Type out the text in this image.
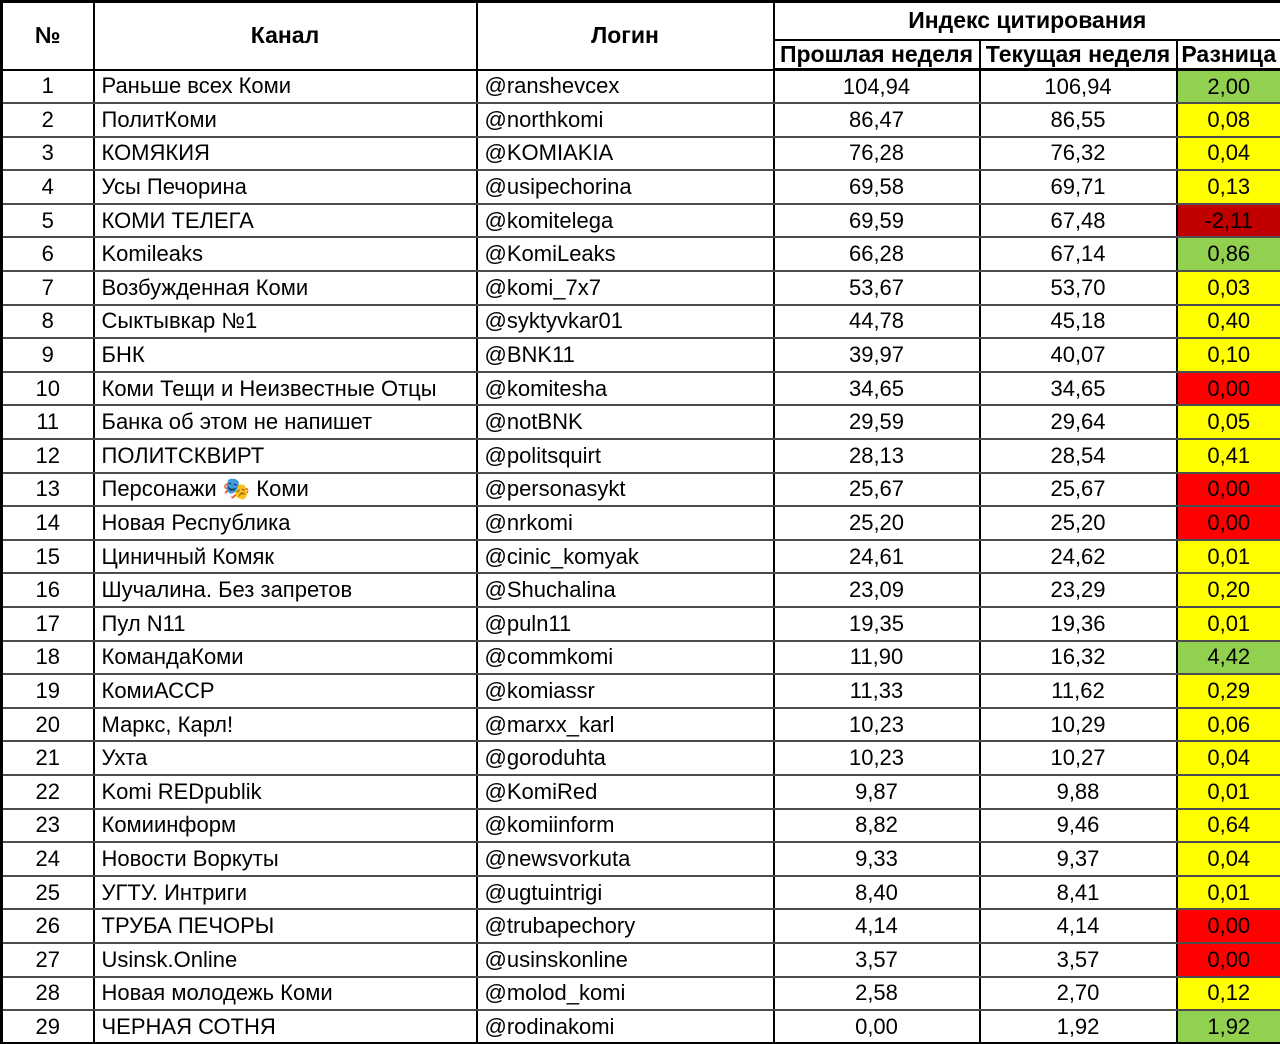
№	Канал	Логин	Индекс цитирования		
			Прошлая неделя	Текущая неделя	Разница
1	Раньше всех Коми	@ranshevcex	104,94	106,94	2,00
2	ПолитКоми	@northkomi	86,47	86,55	0,08
3	КОМЯКИЯ	@KOMIAKIA	76,28	76,32	0,04
4	Усы Печорина	@usipechorina	69,58	69,71	0,13
5	КОМИ ТЕЛЕГА	@komitelega	69,59	67,48	-2,11
6	Komileaks	@KomiLeaks	66,28	67,14	0,86
7	Возбужденная Коми	@komi_7x7	53,67	53,70	0,03
8	Сыктывкар №1	@syktyvkar01	44,78	45,18	0,40
9	БНК	@BNK11	39,97	40,07	0,10
10	Коми Тещи и Неизвестные Отцы	@komitesha	34,65	34,65	0,00
11	Банка об этом не напишет	@notBNK	29,59	29,64	0,05
12	ПОЛИТСКВИРТ	@politsquirt	28,13	28,54	0,41
13	Персонажи 🎭 Коми	@personasykt	25,67	25,67	0,00
14	Новая Республика	@nrkomi	25,20	25,20	0,00
15	Циничный Комяк	@cinic_komyak	24,61	24,62	0,01
16	Шучалина. Без запретов	@Shuchalina	23,09	23,29	0,20
17	Пул N11	@puln11	19,35	19,36	0,01
18	КомандаКоми	@commkomi	11,90	16,32	4,42
19	КомиАССР	@komiassr	11,33	11,62	0,29
20	Маркс, Карл!	@marxx_karl	10,23	10,29	0,06
21	Ухта	@goroduhta	10,23	10,27	0,04
22	Komi REDpublik	@KomiRed	9,87	9,88	0,01
23	Комиинформ	@komiinform	8,82	9,46	0,64
24	Новости Воркуты	@newsvorkuta	9,33	9,37	0,04
25	УГТУ. Интриги	@ugtuintrigi	8,40	8,41	0,01
26	ТРУБА ПЕЧОРЫ	@trubapechory	4,14	4,14	0,00
27	Usinsk.Online	@usinskonline	3,57	3,57	0,00
28	Новая молодежь Коми	@molod_komi	2,58	2,70	0,12
29	ЧЕРНАЯ СОТНЯ	@rodinakomi	0,00	1,92	1,92
